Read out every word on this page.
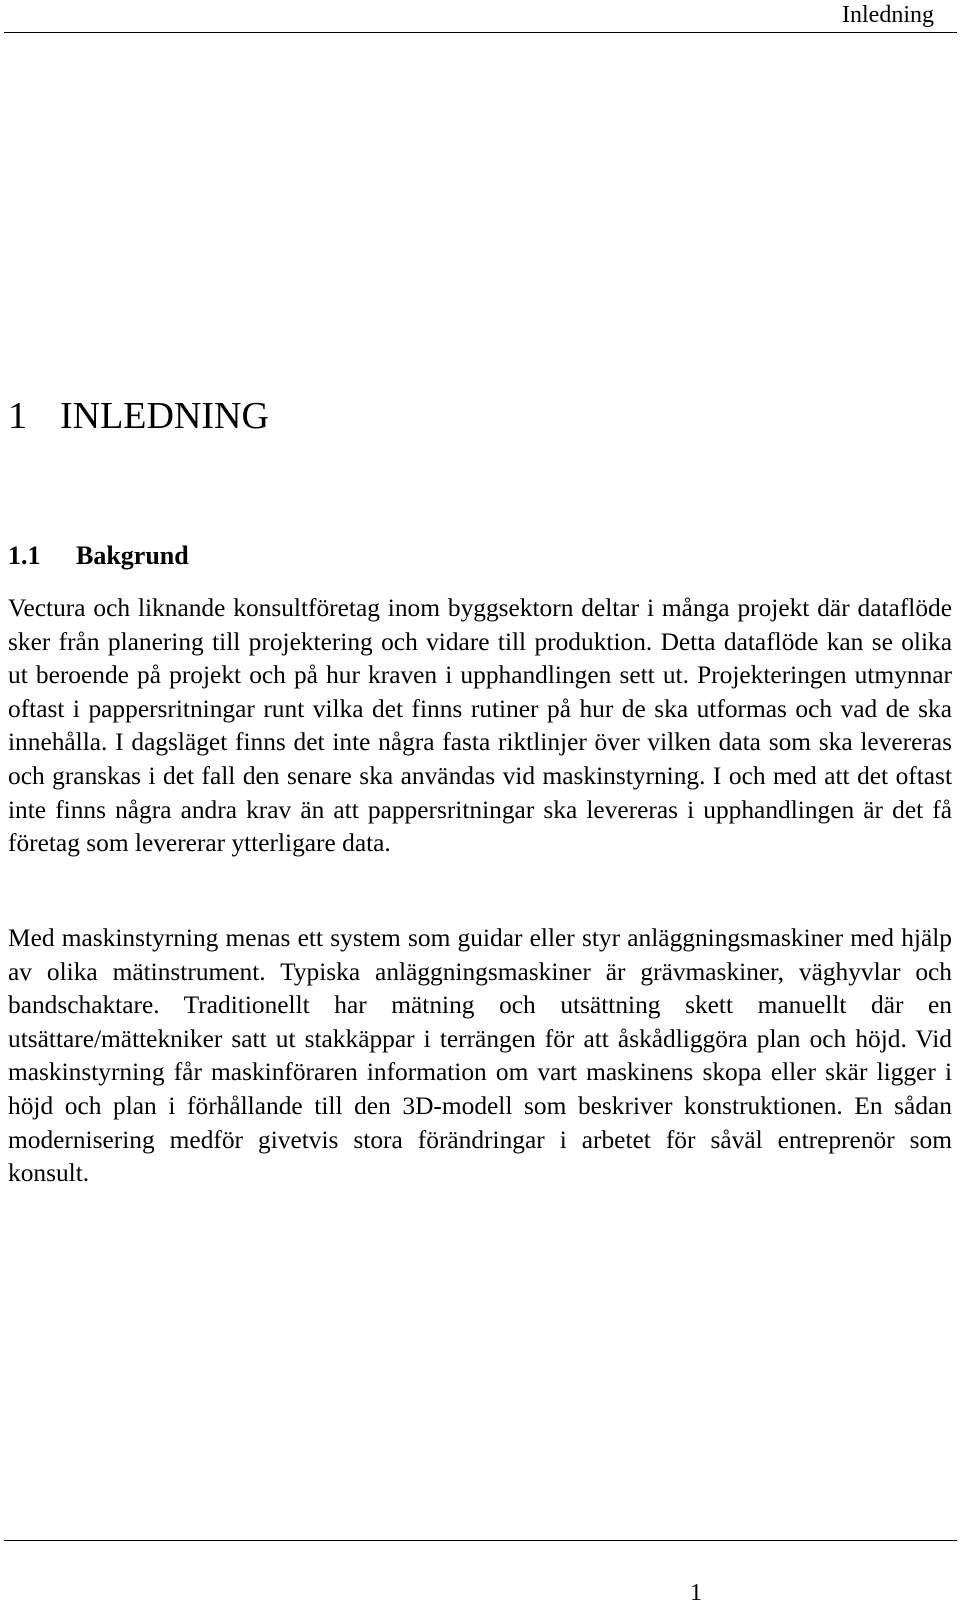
Inledning
1 INLEDNING
1.1 Bakgrund

Vectura och liknande konsultföretag inom byggsektorn deltar i många projekt där dataflöde sker från planering till projektering och vidare till produktion. Detta dataflöde kan se olika ut beroende på projekt och på hur kraven i upphandlingen sett ut. Projekteringen utmynnar oftast i pappersritningar runt vilka det finns rutiner på hur de ska utformas och vad de ska innehålla. I dagsläget finns det inte några fasta riktlinjer över vilken data som ska levereras och granskas i det fall den senare ska användas vid maskinstyrning. I och med att det oftast inte finns några andra krav än att pappersritningar ska levereras i upphandlingen är det få företag som levererar ytterligare data.

Med maskinstyrning menas ett system som guidar eller styr anläggningsmaskiner med hjälp av olika mätinstrument. Typiska anläggningsmaskiner är grävmaskiner, väghyvlar och bandschaktare. Traditionellt har mätning och utsättning skett manuellt där en utsättare/mättekniker satt ut stakkäppar i terrängen för att åskådliggöra plan och höjd. Vid maskinstyrning får maskinföraren information om vart maskinens skopa eller skär ligger i höjd och plan i förhållande till den 3D-modell som beskriver konstruktionen. En sådan modernisering medför givetvis stora förändringar i arbetet för såväl entreprenör som konsult.

1
